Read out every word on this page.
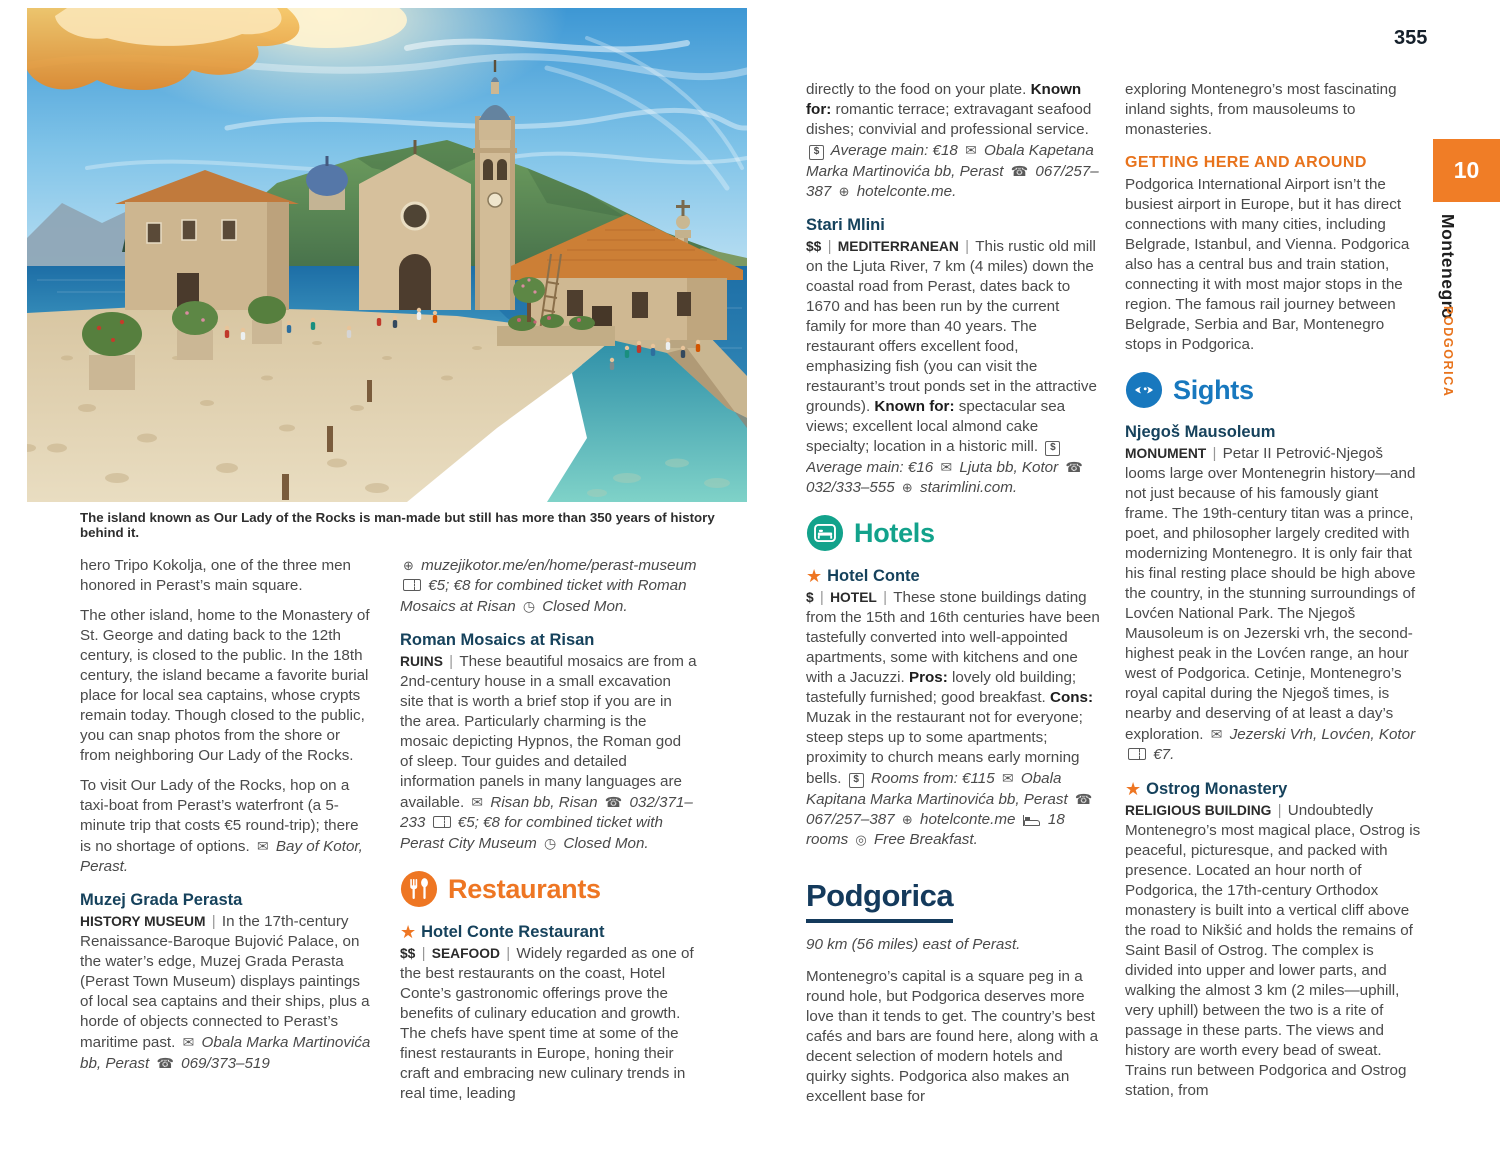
The island known as Our Lady of the Rocks is man-made but still has more than 350 years of history behind it.

hero Tripo Kokolja, one of the three men honored in Perast’s main square.

The other island, home to the Monastery of St. George and dating back to the 12th century, is closed to the public. In the 18th century, the island became a favorite burial place for local sea captains, whose crypts remain today. Though closed to the public, you can snap photos from the shore or from neighboring Our Lady of the Rocks.

To visit Our Lady of the Rocks, hop on a taxi-boat from Perast’s waterfront (a 5-minute trip that costs €5 round-trip); there is no shortage of options. ✉ Bay of Kotor, Perast.

Muzej Grada Perasta

HISTORY MUSEUM | In the 17th-century Renaissance-Baroque Bujović Palace, on the water’s edge, Muzej Grada Perasta (Perast Town Museum) displays paintings of local sea captains and their ships, plus a horde of objects connected to Perast’s maritime past. ✉ Obala Marka Martinovića bb, Perast ☎ 069/373–519

⊕ muzejikotor.me/en/home/perast-museum  €5; €8 for combined ticket with Roman Mosaics at Risan ◷ Closed Mon.

Roman Mosaics at Risan

RUINS | These beautiful mosaics are from a 2nd-century house in a small excavation site that is worth a brief stop if you are in the area. Particularly charming is the mosaic depicting Hypnos, the Roman god of sleep. Tour guides and detailed information panels in many languages are available. ✉ Risan bb, Risan ☎ 032/371–233  €5; €8 for combined ticket with Perast City Museum ◷ Closed Mon.

Restaurants
★ Hotel Conte Restaurant

$$ | SEAFOOD | Widely regarded as one of the best restaurants on the coast, Hotel Conte’s gastronomic offerings prove the benefits of culinary education and growth. The chefs have spent time at some of the finest restaurants in Europe, honing their craft and embracing new culinary trends in real time, leading

directly to the food on your plate. Known for: romantic terrace; extravagant seafood dishes; convivial and professional service. $ Average main: €18 ✉ Obala Kapetana Marka Martinovića bb, Perast ☎ 067/257–387 ⊕ hotelconte.me.

Stari Mlini

$$ | MEDITERRANEAN | This rustic old mill on the Ljuta River, 7 km (4 miles) down the coastal road from Perast, dates back to 1670 and has been run by the current family for more than 40 years. The restaurant offers excellent food, emphasizing fish (you can visit the restaurant’s trout ponds set in the attractive grounds). Known for: spectacular sea views; excellent local almond cake specialty; location in a historic mill. $ Average main: €16 ✉ Ljuta bb, Kotor ☎ 032/333–555 ⊕ starimlini.com.

Hotels
★ Hotel Conte

$ | HOTEL | These stone buildings dating from the 15th and 16th centuries have been tastefully converted into well-appointed apartments, some with kitchens and one with a Jacuzzi. Pros: lovely old building; tastefully furnished; good breakfast. Cons: Muzak in the restaurant not for everyone; steep steps up to some apartments; proximity to church means early morning bells. $ Rooms from: €115 ✉ Obala Kapitana Marka Martinovića bb, Perast ☎ 067/257–387 ⊕ hotelconte.me  18 rooms ◎ Free Breakfast.

Podgorica

90 km (56 miles) east of Perast.

Montenegro’s capital is a square peg in a round hole, but Podgorica deserves more love than it tends to get. The country’s best cafés and bars are found here, along with a decent selection of modern hotels and quirky sights. Podgorica also makes an excellent base for

exploring Montenegro’s most fascinating inland sights, from mausoleums to monasteries.

GETTING HERE AND AROUND

Podgorica International Airport isn’t the busiest airport in Europe, but it has direct connections with many cities, including Belgrade, Istanbul, and Vienna. Podgorica also has a central bus and train station, connecting it with most major stops in the region. The famous rail journey between Belgrade, Serbia and Bar, Montenegro stops in Podgorica.

Sights
Njegoš Mausoleum

MONUMENT | Petar II Petrović-Njegoš looms large over Montenegrin history—and not just because of his famously giant frame. The 19th-century titan was a prince, poet, and philosopher largely credited with modernizing Montenegro. It is only fair that his final resting place should be high above the country, in the stunning surroundings of Lovćen National Park. The Njegoš Mausoleum is on Jezerski vrh, the second-highest peak in the Lovćen range, an hour west of Podgorica. Cetinje, Montenegro’s royal capital during the Njegoš times, is nearby and deserving of at least a day’s exploration. ✉ Jezerski Vrh, Lovćen, Kotor  €7.

★ Ostrog Monastery

RELIGIOUS BUILDING | Undoubtedly Montenegro’s most magical place, Ostrog is peaceful, picturesque, and packed with presence. Located an hour north of Podgorica, the 17th-century Orthodox monastery is built into a vertical cliff above the road to Nikšić and holds the remains of Saint Basil of Ostrog. The complex is divided into upper and lower parts, and walking the almost 3 km (2 miles—uphill, very uphill) between the two is a rite of passage in these parts. The views and history are worth every bead of sweat. Trains run between Podgorica and Ostrog station, from

355
10
Montenegro
PODGORICA
